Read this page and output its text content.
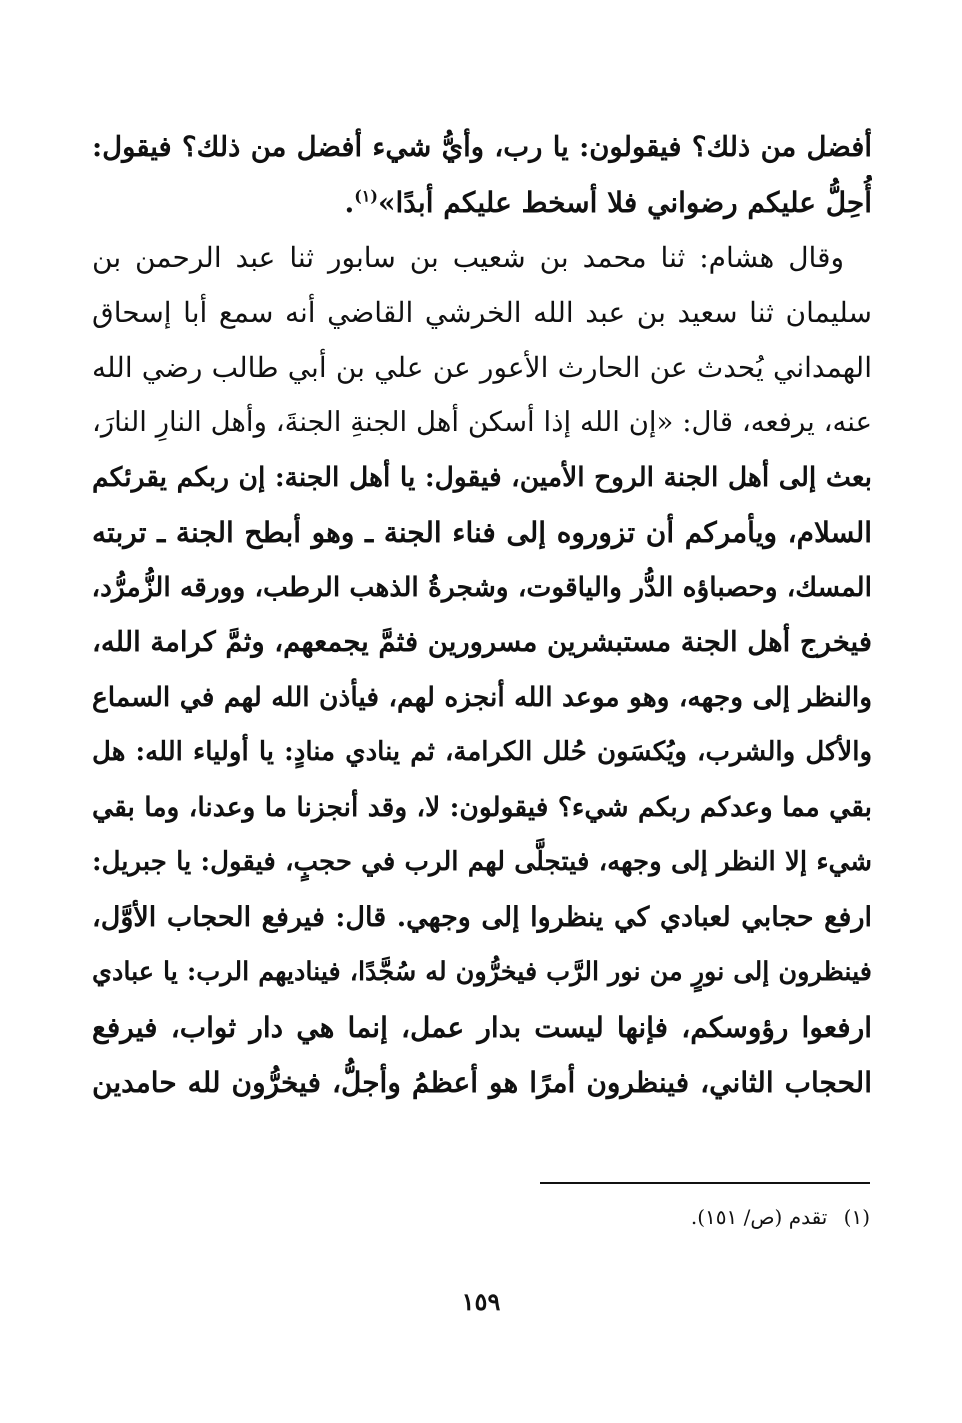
أفضل من ذلك؟ فيقولون: يا رب، وأيُّ شيء أفضل من ذلك؟ فيقول:
أُحِلُّ عليكم رضواني فلا أسخط عليكم أبدًا»$^{(١)}$.
وقال هشام: ثنا محمد بن شعيب بن سابور ثنا عبد الرحمن بن
سليمان ثنا سعيد بن عبد الله الخرشي القاضي أنه سمع أبا إسحاق
الهمداني يُحدث عن الحارث الأعور عن علي بن أبي طالب رضي الله
عنه، يرفعه، قال: «إن الله إذا أسكن أهل الجنةِ الجنةَ، وأهل النارِ النارَ،
بعث إلى أهل الجنة الروح الأمين، فيقول: يا أهل الجنة: إن ربكم يقرئكم
السلام، ويأمركم أن تزوروه إلى فناء الجنة ـ وهو أبطح الجنة ـ تربته
المسك، وحصباؤه الدُّر والياقوت، وشجرةُ الذهب الرطب، وورقه الزُّمرُّد،
فيخرج أهل الجنة مستبشرين مسرورين فثمَّ يجمعهم، وثمَّ كرامة الله،
والنظر إلى وجهه، وهو موعد الله أنجزه لهم، فيأذن الله لهم في السماع
والأكل والشرب، ويُكسَون حُلل الكرامة، ثم ينادي منادٍ: يا أولياء الله: هل
بقي مما وعدكم ربكم شيء؟ فيقولون: لا، وقد أنجزنا ما وعدنا، وما بقي
شيء إلا النظر إلى وجهه، فيتجلَّى لهم الرب في حجبٍ، فيقول: يا جبريل:
ارفع حجابي لعبادي كي ينظروا إلى وجهي. قال: فيرفع الحجاب الأوَّل،
فينظرون إلى نورٍ من نور الرَّب فيخرُّون له سُجَّدًا، فيناديهم الرب: يا عبادي
ارفعوا رؤوسكم، فإنها ليست بدار عمل، إنما هي دار ثواب، فيرفع
الحجاب الثاني، فينظرون أمرًا هو أعظمُ وأجلُّ، فيخرُّون لله حامدين
(١) تقدم (ص/ ١٥١).
١٥٩
